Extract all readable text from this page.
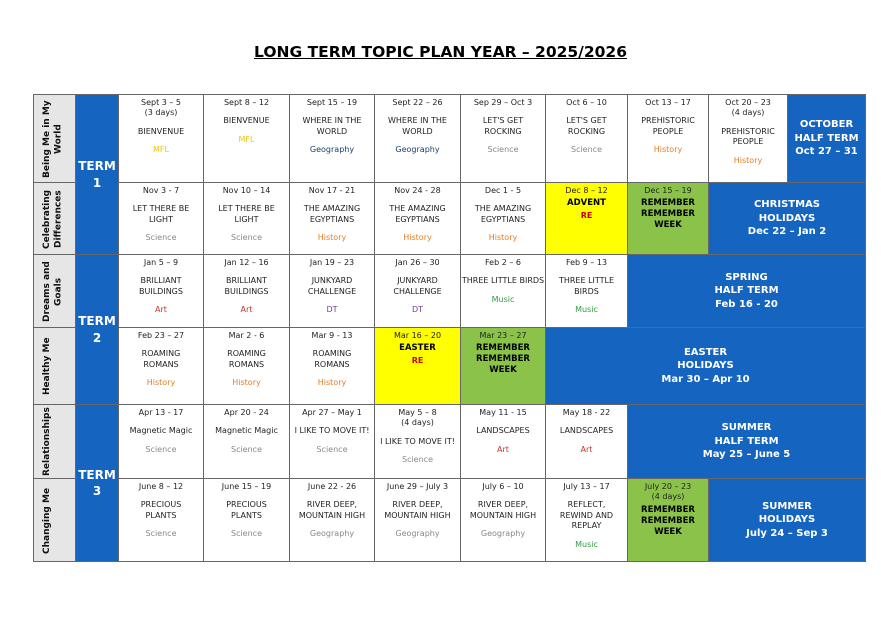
LONG TERM TOPIC PLAN YEAR – 2025/2026
Being Me in My World	TERM
1	Sept 3 – 5
(3 days)
BIENVENUE
MFL	Sept 8 – 12
BIENVENUE
MFL	Sept 15 – 19
WHERE IN THE
WORLD
Geography	Sept 22 – 26
WHERE IN THE
WORLD
Geography	Sep 29 – Oct 3
LET'S GET
ROCKING
Science	Oct 6 – 10
LET'S GET
ROCKING
Science	Oct 13 – 17
PREHISTORIC
PEOPLE
History	Oct 20 – 23
(4 days)
PREHISTORIC
PEOPLE
History	OCTOBER
HALF TERM
Oct 27 – 31

Celebrating Differences		Nov 3 - 7
LET THERE BE
LIGHT
Science	Nov 10 – 14
LET THERE BE
LIGHT
Science	Nov 17 - 21
THE AMAZING
EGYPTIANS
History	Nov 24 - 28
THE AMAZING
EGYPTIANS
History	Dec 1 - 5
THE AMAZING
EGYPTIANS
History	Dec 8 – 12
ADVENT
RE	Dec 15 – 19
REMEMBER
REMEMBER
WEEK	CHRISTMAS
HOLIDAYS
Dec 22 – Jan 2	

Dreams and Goals	TERM
2	Jan 5 – 9
BRILLIANT
BUILDINGS
Art	Jan 12 – 16
BRILLIANT
BUILDINGS
Art	Jan 19 – 23
JUNKYARD
CHALLENGE
DT	Jan 26 – 30
JUNKYARD
CHALLENGE
DT	Feb 2 – 6
THREE LITTLE BIRDS
Music	Feb 9 – 13
THREE LITTLE
BIRDS
Music	SPRING
HALF TERM
Feb 16 - 20		

Healthy Me		Feb 23 – 27
ROAMING
ROMANS
History	Mar 2 - 6
ROAMING
ROMANS
History	Mar 9 - 13
ROAMING
ROMANS
History	Mar 16 – 20
EASTER
RE	Mar 23 – 27
REMEMBER
REMEMBER
WEEK	EASTER
HOLIDAYS
Mar 30 – Apr 10			

Relationships	TERM
3	Apr 13 - 17
Magnetic Magic
Science	Apr 20 - 24
Magnetic Magic
Science	Apr 27 – May 1
I LIKE TO MOVE IT!
Science	May 5 – 8
(4 days)
I LIKE TO MOVE IT!
Science	May 11 - 15
LANDSCAPES
Art	May 18 - 22
LANDSCAPES
Art	SUMMER
HALF TERM
May 25 – June 5		

Changing Me		June 8 – 12
PRECIOUS
PLANTS
Science	June 15 – 19
PRECIOUS
PLANTS
Science	June 22 - 26
RIVER DEEP,
MOUNTAIN HIGH
Geography	June 29 – July 3
RIVER DEEP,
MOUNTAIN HIGH
Geography	July 6 – 10
RIVER DEEP,
MOUNTAIN HIGH
Geography	July 13 – 17
REFLECT,
REWIND AND
REPLAY
Music	July 20 – 23
(4 days)
REMEMBER
REMEMBER
WEEK	SUMMER
HOLIDAYS
July 24 – Sep 3	
